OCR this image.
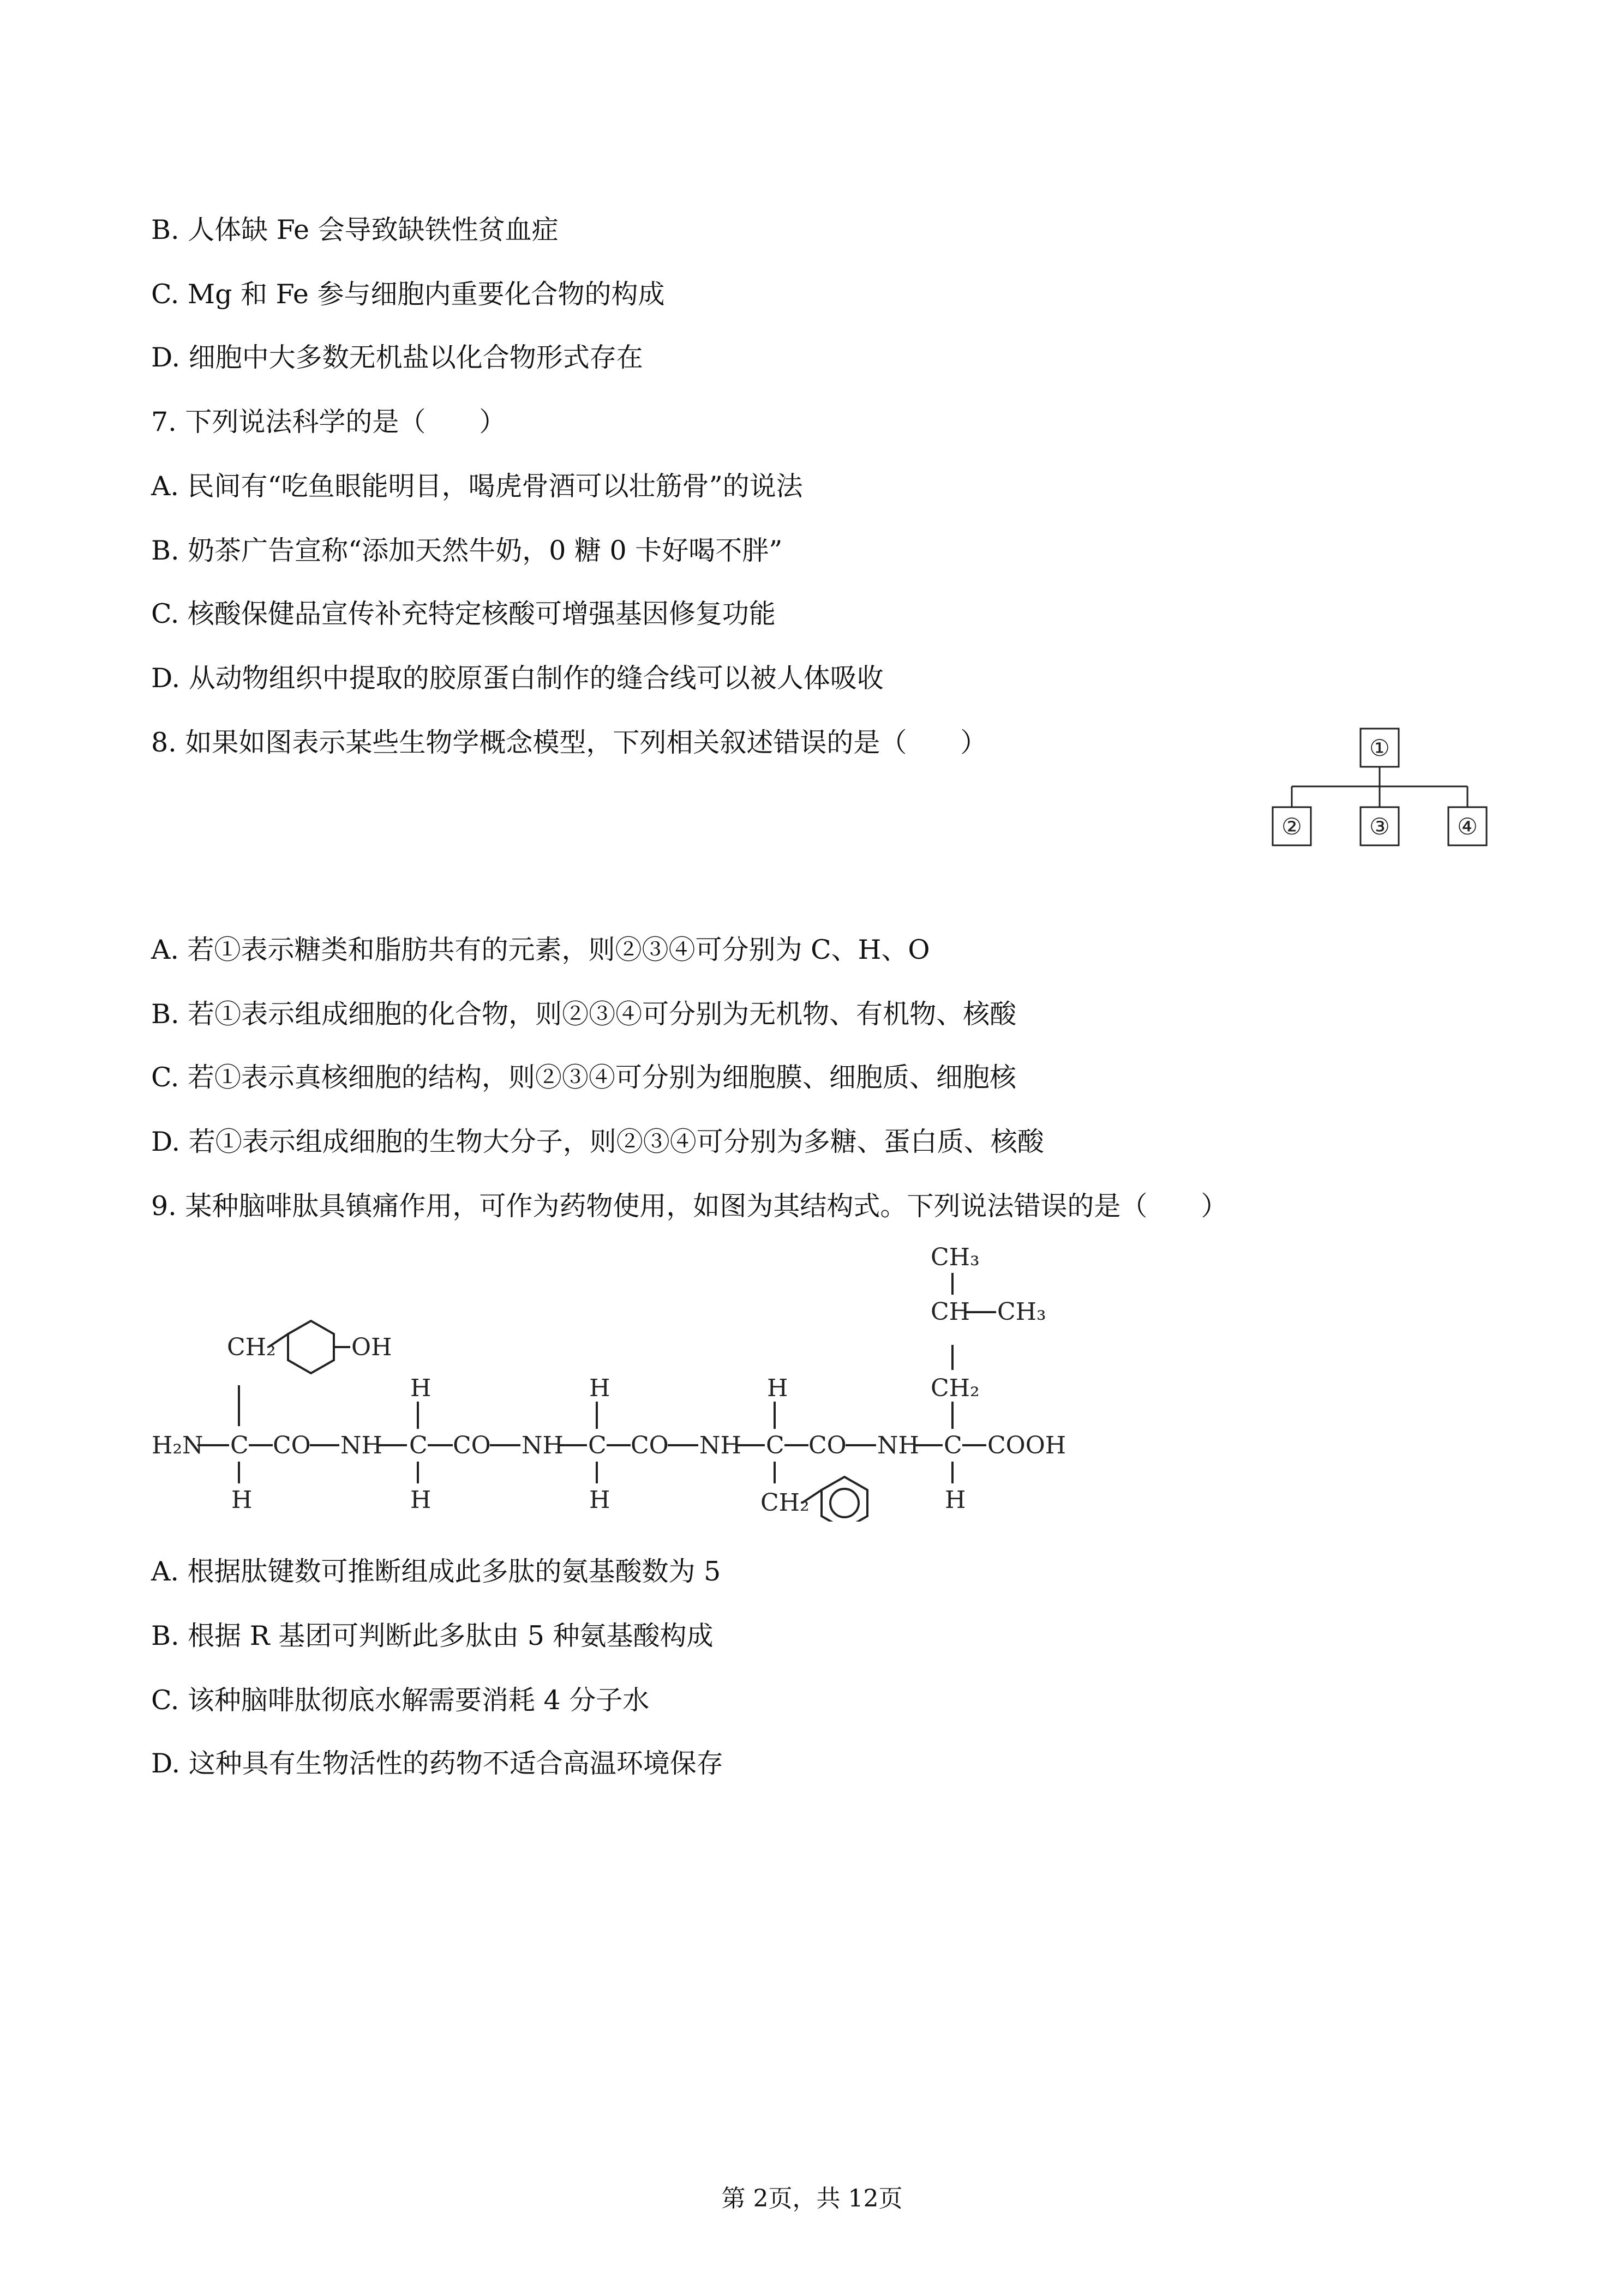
B. 人体缺 Fe 会导致缺铁性贫血症
C. Mg 和 Fe 参与细胞内重要化合物的构成
D. 细胞中大多数无机盐以化合物形式存在
7. 下列说法科学的是（　　）
A. 民间有“吃鱼眼能明目，喝虎骨酒可以壮筋骨”的说法
B. 奶茶广告宣称“添加天然牛奶，0 糖 0 卡好喝不胖”
C. 核酸保健品宣传补充特定核酸可增强基因修复功能
D. 从动物组织中提取的胶原蛋白制作的缝合线可以被人体吸收
8. 如果如图表示某些生物学概念模型，下列相关叙述错误的是（　　）	①
②	③	④
A. 若①表示糖类和脂肪共有的元素，则②③④可分别为 C、H、O
B. 若①表示组成细胞的化合物，则②③④可分别为无机物、有机物、核酸
C. 若①表示真核细胞的结构，则②③④可分别为细胞膜、细胞质、细胞核
D. 若①表示组成细胞的生物大分子，则②③④可分别为多糖、蛋白质、核酸
9. 某种脑啡肽具镇痛作用，可作为药物使用，如图为其结构式。下列说法错误的是（　　）
H₂N C CO NH C CO NH C CO NH C CO NH C COOH
CH₂	OH
H
H
H
H
H
H
CH₂
CH₂
H
CH CH₃
CH₃
A. 根据肽键数可推断组成此多肽的氨基酸数为 5
B. 根据 R 基团可判断此多肽由 5 种氨基酸构成
C. 该种脑啡肽彻底水解需要消耗 4 分子水
D. 这种具有生物活性的药物不适合高温环境保存
第 2页，共 12页
